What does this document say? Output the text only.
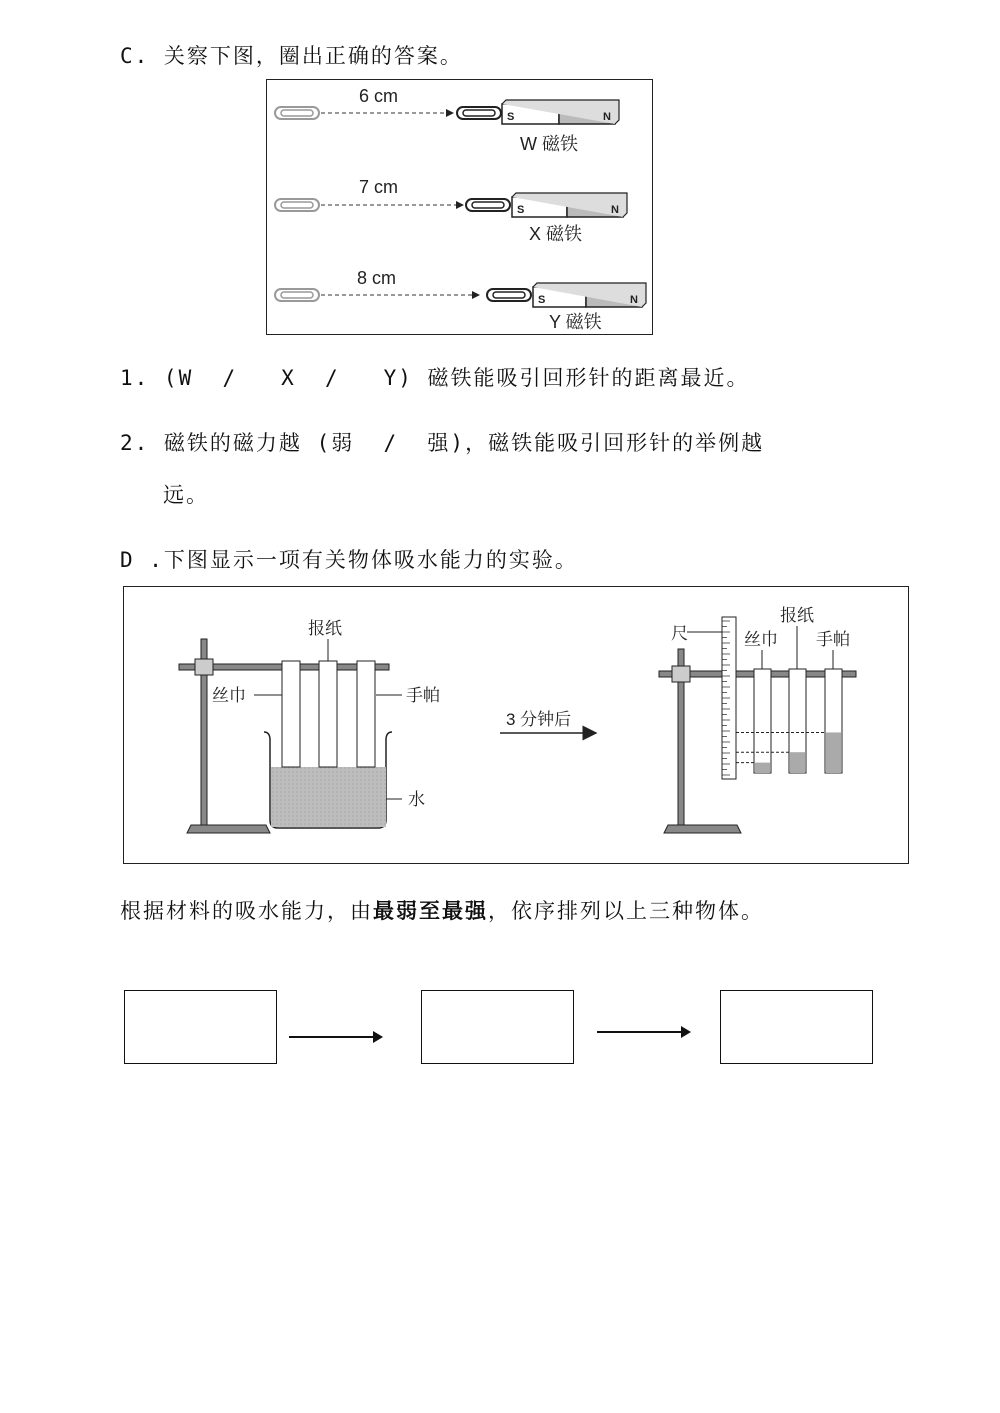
C. 关察下图，圈出正确的答案。
S	N
6 cm
W 磁铁
S	N
7 cm
X 磁铁
S	N
8 cm
Y 磁铁
1. (W  /   X  /   Y) 磁铁能吸引回形针的距离最近。
2. 磁铁的磁力越 (弱  /  强)，磁铁能吸引回形针的举例越
远。
D .下图显示一项有关物体吸水能力的实验。
报纸
丝巾	手帕
水
3 分钟后
尺	丝巾
报纸
手帕
根据材料的吸水能力，由最弱至最强，依序排列以上三种物体。
